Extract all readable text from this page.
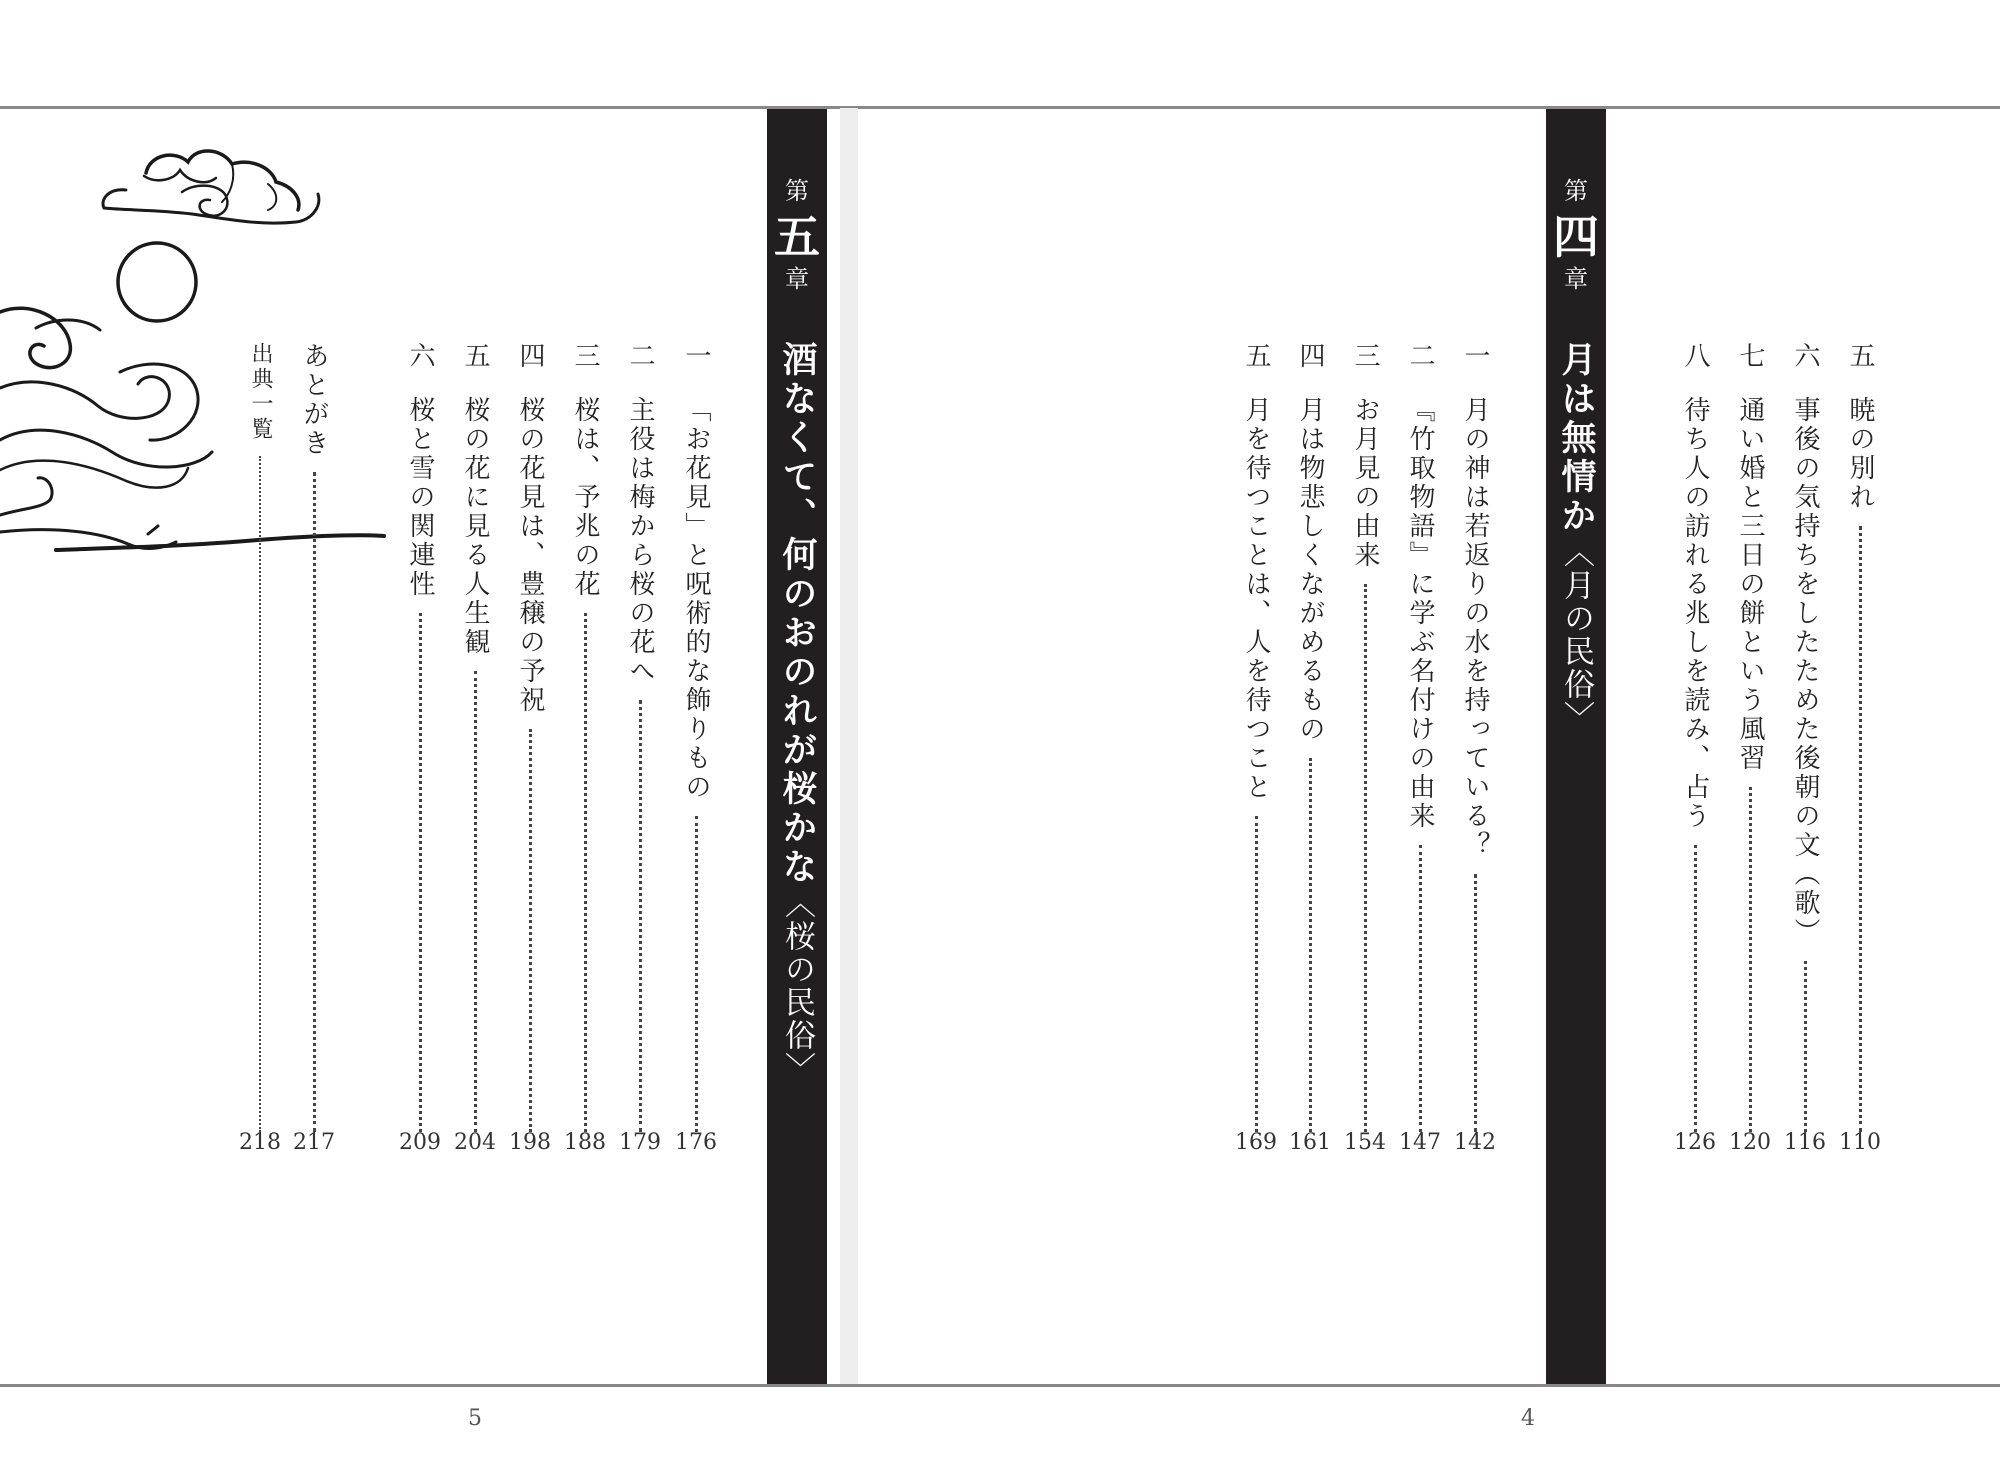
第
五
章
酒なくて、何のおのれが桜かな〈桜の民俗〉
一
「お花見」と呪術的な飾りもの
二
主役は梅から桜の花へ
三
桜は、予兆の花
四
桜の花見は、豊穣の予祝
五
桜の花に見る人生観
六
桜と雪の関連性
あとがき
出典一覧
176
179
188
198
204
209
217
218
5
五
暁の別れ
六
事後の気持ちをしたためた後朝の文（歌）
七
通い婚と三日の餅という風習
八
待ち人の訪れる兆しを読み、占う
第
四
章
月は無情か〈月の民俗〉
一
月の神は若返りの水を持っている？
二
『竹取物語』に学ぶ名付けの由来
三
お月見の由来
四
月は物悲しくながめるもの
五
月を待つことは、人を待つこと
110
116
120
126
142
147
154
161
169
4
